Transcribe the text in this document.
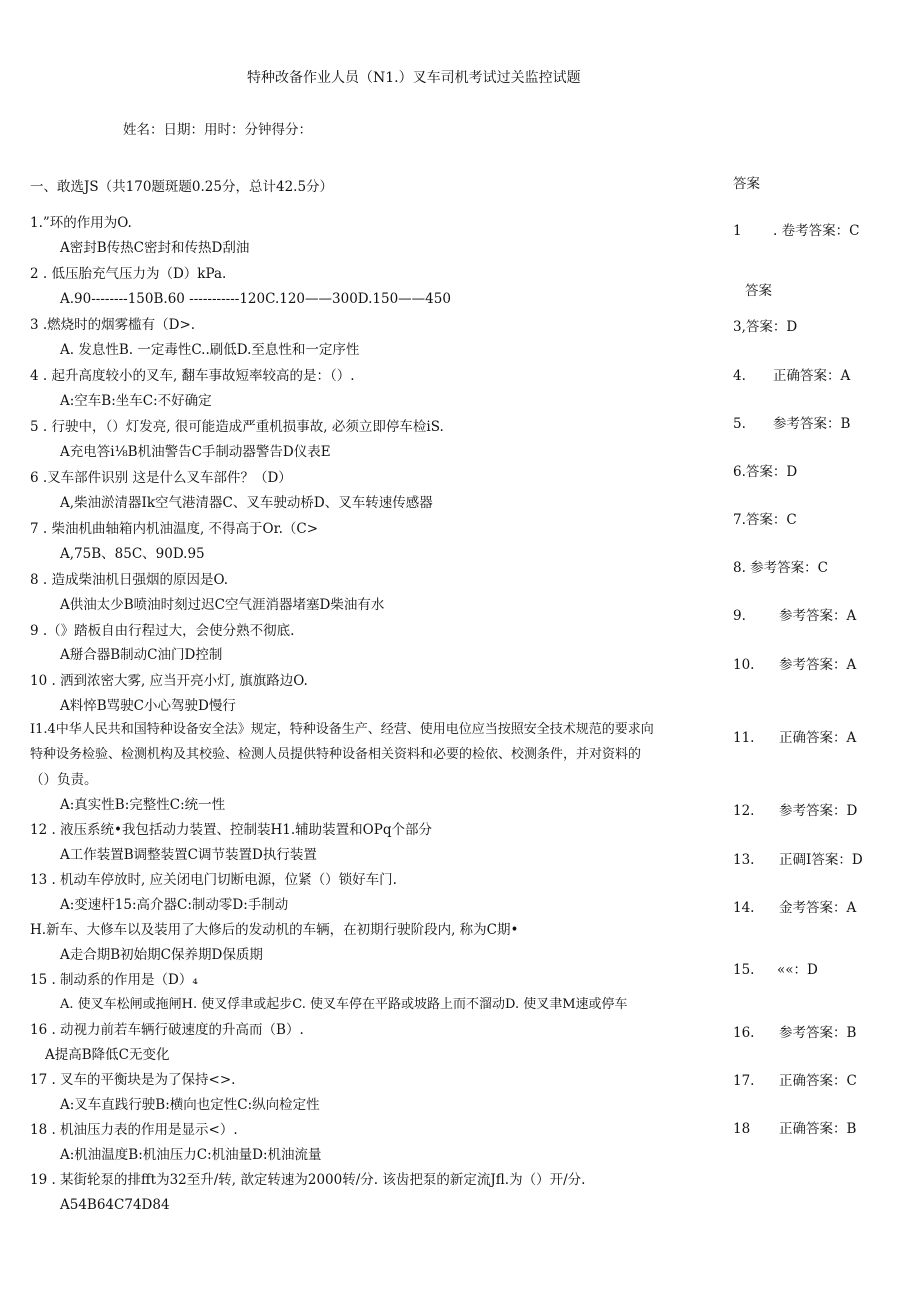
特种改备作业人员（N1.）叉车司机考试过关监控试题
姓名：日期：用时：分钟得分：
一、敢选JS（共170题斑题0.25分，总计42.5分）
1.”环的作用为O.
A密封B传热C密封和传热D刮油
2 . 低压胎充气压力为（D）kPa.
A.90--------150B.60 -----------120C.120——300D.150——450
3 .燃烧时的烟雾槛有（D>.
A. 发息性B. 一定毒性C..刷低D.至息性和一定序性
4 . 起升高度较小的叉车, 翻车事故短率较高的是：（）.
A:空车B:坐车C:不好确定
5 . 行驶中，（）灯发亮, 很可能造成严重机损事故, 必须立即停车检iS.
A充电答i⅛B机油警告C手制动器警告D仪表E
6 .叉车部件识别 这是什么叉车部件？（D）
A,柴油淤清器Ik空气港清器C、叉车驶动桥D、叉车转速传感器
7 . 柴油机曲轴箱内机油温度, 不得高于Or.（C>
A,75B、85C、90D.95
8 . 造成柴油机日强烟的原因是O.
A供油太少B喷油时刻过迟C空气涯消器堵塞D柴油有水
9 .（》踏板自由行程过大，会使分熟不彻底.
A掰合器B制动C油门D控制
10 . 洒到浓密大雾, 应当开亮小灯, 旗旗路边O.
A料悴B骂驶C小心驾驶D慢行
I1.4中华人民共和国特种设备安全法》规定，特种设备生产、经营、使用电位应当按照安全技术规范的要求向
特种设务检验、检测机构及其校验、检测人员提供特种设备相关资料和必要的检依、校测条件，并对资料的
（）负责。
A:真实性B:完整性C:统一性
12 . 液压系统•我包括动力装置、控制装H1.辅助装置和OPq个部分
A工作装置B调整装置C调节装置D执行装置
13 . 机动车停放时, 应关闭电门切断电源，位紧（）锁好车门.
A:变速杆15:高介器C:制动零D:手制动
H.新车、大修车以及装用了大修后的发动机的车辆，在初期行驶阶段内, 称为C期•
A走合期B初始期C保养期D保质期
15 . 制动系的作用是（D）₄
A. 使叉车松闸或拖闸H. 使叉俘聿或起步C. 使叉车停在平路或坡路上而不溜动D. 使叉聿M速或停车
16 . 动视力前若车辆行破速度的升高而（B）.
A提高B降低C无变化
17 . 叉车的平衡块是为了保持<>.
A:叉车直践行驶B:横向也定性C:纵向检定性
18 . 机油压力表的作用是显示<）.
A:机油温度B:机油压力C:机油量D:机油流量
19 . 某街轮泵的排fft为32至升/转, 歆定转速为2000转/分. 该齿把泵的新定流Jfl.为（）开/分.
A54B64C74D84
答案
1 . 卷考答案：C
答案
3,答案：D
4. 正确答案：A
5. 参考答案：B
6.答案：D
7.答案：C
8. 参考答案：C
9. 参考答案：A
10. 参考答案：A
11. 正确答案：A
12. 参考答案：D
13. 正碉I答案：D
14. 金考答案：A
15. ««：D
16. 参考答案：B
17. 正确答案：C
18 正确答案：B
